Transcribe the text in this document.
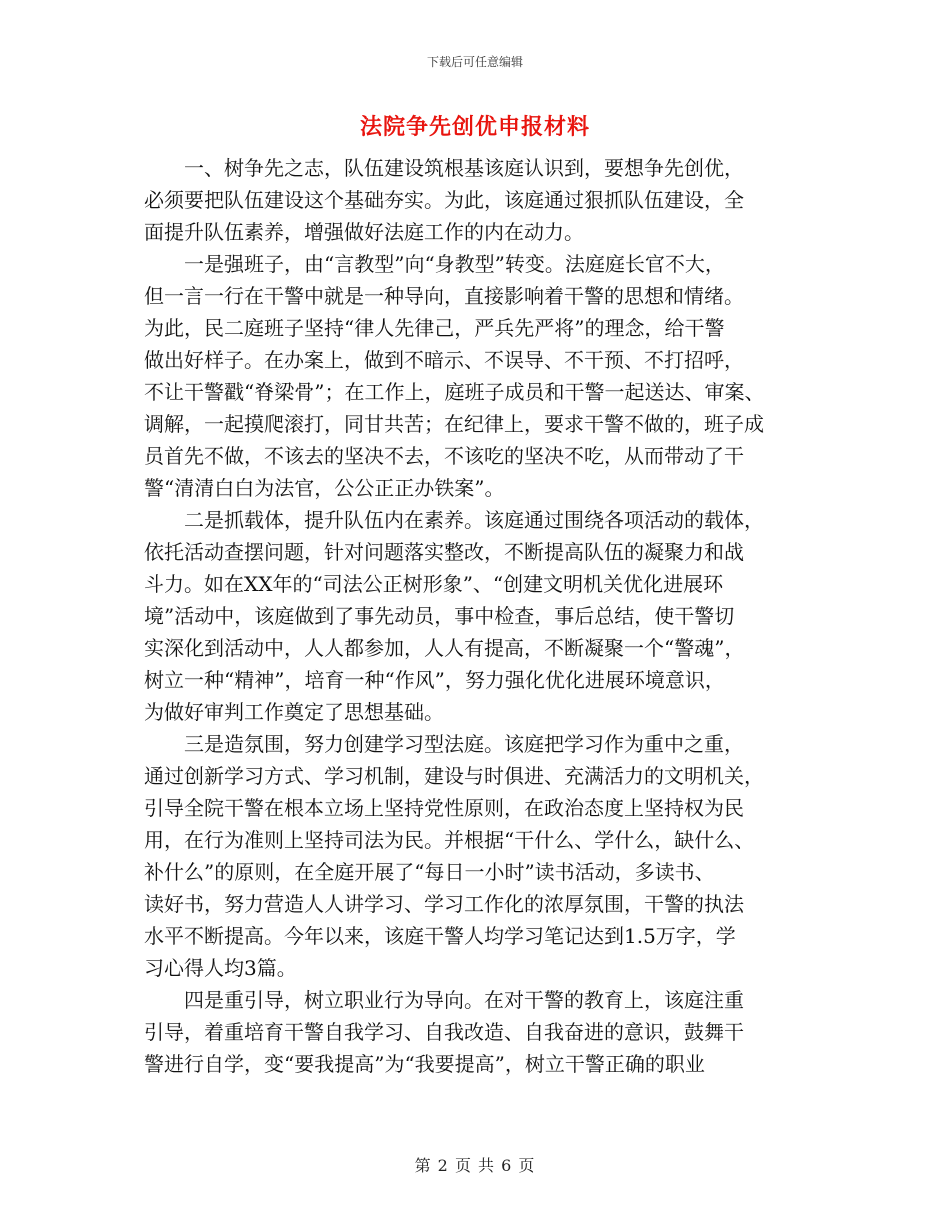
下载后可任意编辑
法院争先创优申报材料
　　一、树争先之志，队伍建设筑根基该庭认识到，要想争先创优，
必须要把队伍建设这个基础夯实。为此，该庭通过狠抓队伍建设，全
面提升队伍素养，增强做好法庭工作的内在动力。
　　一是强班子，由“言教型”向“身教型”转变。法庭庭长官不大，
但一言一行在干警中就是一种导向，直接影响着干警的思想和情绪。
为此，民二庭班子坚持“律人先律己，严兵先严将”的理念，给干警
做出好样子。在办案上，做到不暗示、不误导、不干预、不打招呼，
不让干警戳“脊梁骨”；在工作上，庭班子成员和干警一起送达、审案、
调解，一起摸爬滚打，同甘共苦；在纪律上，要求干警不做的，班子成
员首先不做，不该去的坚决不去，不该吃的坚决不吃，从而带动了干
警“清清白白为法官，公公正正办铁案”。
　　二是抓载体，提升队伍内在素养。该庭通过围绕各项活动的载体，
依托活动查摆问题，针对问题落实整改，不断提高队伍的凝聚力和战
斗力。如在XX年的“司法公正树形象”、“创建文明机关优化进展环
境”活动中，该庭做到了事先动员，事中检查，事后总结，使干警切
实深化到活动中，人人都参加，人人有提高，不断凝聚一个“警魂”，
树立一种“精神”，培育一种“作风”，努力强化优化进展环境意识，
为做好审判工作奠定了思想基础。
　　三是造氛围，努力创建学习型法庭。该庭把学习作为重中之重，
通过创新学习方式、学习机制，建设与时俱进、充满活力的文明机关，
引导全院干警在根本立场上坚持党性原则，在政治态度上坚持权为民
用，在行为准则上坚持司法为民。并根据“干什么、学什么，缺什么、
补什么”的原则，在全庭开展了“每日一小时”读书活动，多读书、
读好书，努力营造人人讲学习、学习工作化的浓厚氛围，干警的执法
水平不断提高。今年以来，该庭干警人均学习笔记达到1.5万字，学
习心得人均3篇。
　　四是重引导，树立职业行为导向。在对干警的教育上，该庭注重
引导，着重培育干警自我学习、自我改造、自我奋进的意识，鼓舞干
警进行自学，变“要我提高”为“我要提高”，树立干警正确的职业
第 2 页 共 6 页
